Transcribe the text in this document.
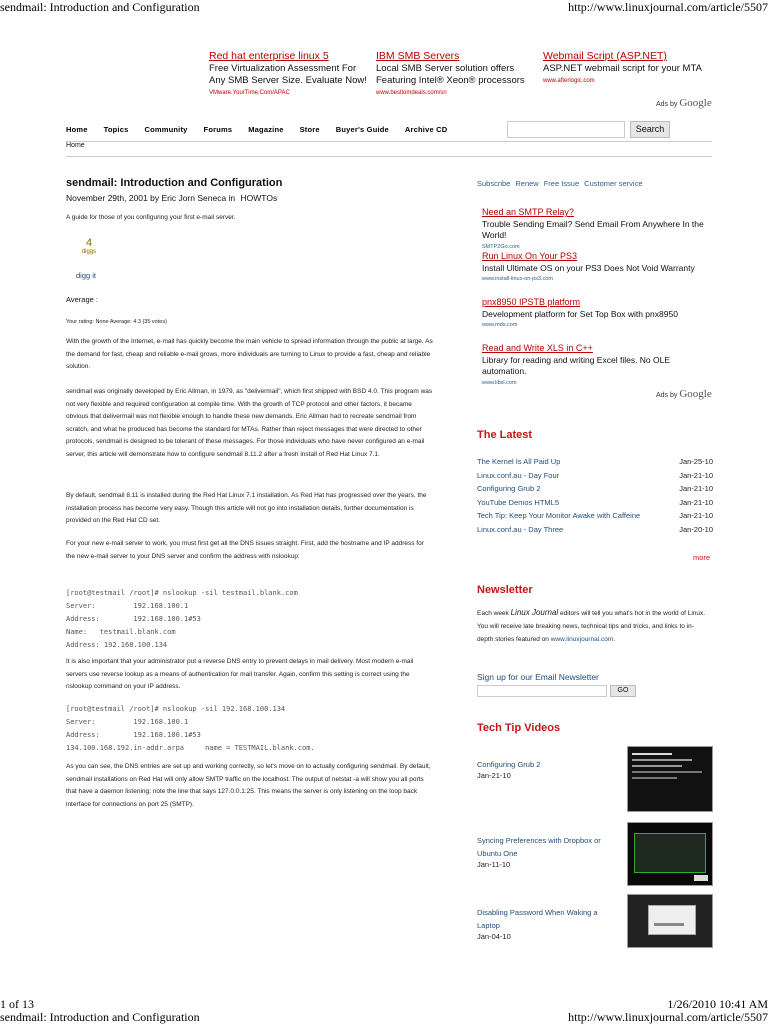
sendmail: Introduction and Configuration	http://www.linuxjournal.com/article/5507
Red hat enterprise linux 5
Free Virtualization Assessment For Any SMB Server Size. Evaluate Now!
VMware.YourTime.Com/APAC
IBM SMB Servers
Local SMB Server solution offers Featuring Intel® Xeon® processors
www.bestlomdeals.com/sn
Webmail Script (ASP.NET)
ASP.NET webmail script for your MTA
www.afterlogic.com
Ads by Google
Home Topics Community Forums Magazine Store Buyer's Guide Archive CD	Search
Home
sendmail: Introduction and Configuration
November 29th, 2001 by Eric Jorn Seneca in HOWTOs
A guide for those of you configuring your first e-mail server.
4
diggs
digg it
Average :
Your rating: None Average: 4.3 (35 votes)
With the growth of the Internet, e-mail has quickly become the main vehicle to spread information through the public at large. As the demand for fast, cheap and reliable e-mail grows, more individuals are turning to Linux to provide a fast, cheap and reliable solution.
sendmail was originally developed by Eric Allman, in 1979, as "delivermail", which first shipped with BSD 4.0. This program was not very flexible and required configuration at compile time. With the growth of TCP protocol and other factors, it became obvious that delivermail was not flexible enough to handle these new demands. Eric Allman had to recreate sendmail from scratch, and what he produced has become the standard for MTAs. Rather than reject messages that were directed to other protocols, sendmail is designed to be tolerant of these messages. For those individuals who have never configured an e-mail server, this article will demonstrate how to configure sendmail 8.11.2 after a fresh install of Red Hat Linux 7.1.
By default, sendmail 8.11 is installed during the Red Hat Linux 7.1 installation. As Red Hat has progressed over the years, the installation process has become very easy. Though this article will not go into installation details, further documentation is provided on the Red Hat CD set.
For your new e-mail server to work, you must first get all the DNS issues straight. First, add the hostname and IP address for the new e-mail server to your DNS server and confirm the address with nslookup:
[root@testmail /root]# nslookup -sil testmail.blank.com
Server:         192.168.100.1
Address:        192.168.100.1#53
Name:   testmail.blank.com
Address: 192.168.100.134
It is also important that your administrator put a reverse DNS entry to prevent delays in mail delivery. Most modern e-mail servers use reverse lookup as a means of authentication for mail transfer. Again, confirm this setting is correct using the nslookup command on your IP address.
[root@testmail /root]# nslookup -sil 192.168.100.134
Server:         192.168.100.1
Address:        192.168.100.1#53
134.100.168.192.in-addr.arpa     name = TESTMAIL.blank.com.
As you can see, the DNS entries are set up and working correctly, so let's move on to actually configuring sendmail. By default, sendmail installations on Red Hat will only allow SMTP traffic on the localhost. The output of netstat -a will show you all ports that have a daemon listening; note the line that says 127.0.0.1:25. This means the server is only listening on the loop back interface for connections on port 25 (SMTP).
Subscribe Renew Free Issue Customer service
Need an SMTP Relay?
Trouble Sending Email? Send Email From Anywhere In the World!
SMTP2Go.com
Run Linux On Your PS3
Install Ultimate OS on your PS3 Does Not Void Warranty
www.install-linux-on-ps3.com
pnx8950 IPSTB platform
Development platform for Set Top Box with pnx8950
www.mds.com
Read and Write XLS in C++
Library for reading and writing Excel files. No OLE automation.
www.libxl.com
Ads by Google
The Latest
The Kernel Is All Paid Up	Jan-25-10
Linux.conf.au - Day Four	Jan-21-10
Configuring Grub 2	Jan-21-10
YouTube Demos HTML5	Jan-21-10
Tech Tip: Keep Your Monitor Awake with Caffeine	Jan-21-10
Linux.conf.au - Day Three	Jan-20-10
more
Newsletter
Each week Linux Journal editors will tell you what's hot in the world of Linux. You will receive late breaking news, technical tips and tricks, and links to in-depth stories featured on www.linuxjournal.com.
Sign up for our Email Newsletter
GO
Tech Tip Videos
Configuring Grub 2
Jan-21-10
Syncing Preferences with Dropbox or Ubuntu One
Jan-11-10
Disabling Password When Waking a Laptop
Jan-04-10
1 of 13	1/26/2010 10:41 AM
sendmail: Introduction and Configuration	http://www.linuxjournal.com/article/5507
